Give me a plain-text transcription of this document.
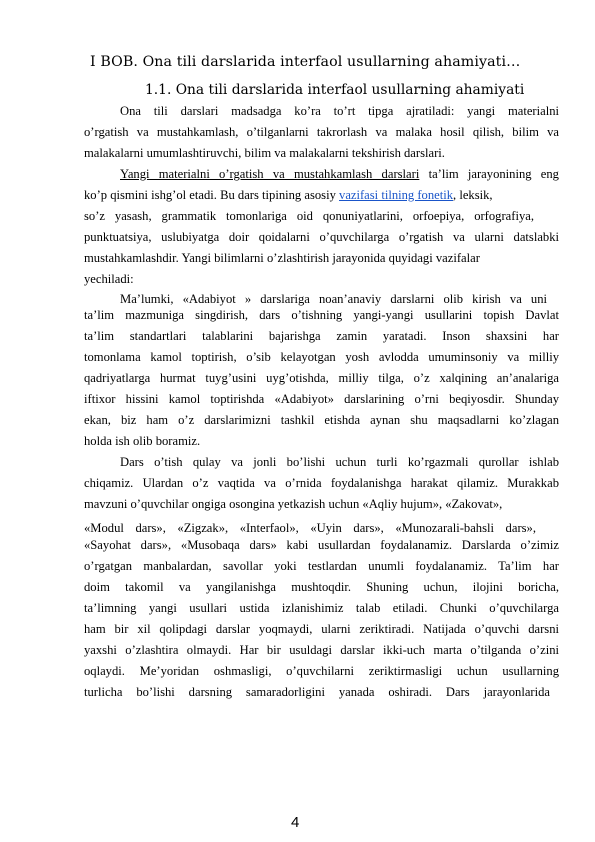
I BOB. Ona tili darslarida interfaol usullarning ahamiyati…
1.1. Ona tili darslarida interfaol usullarning ahamiyati
Ona tili darslari madsadga ko’ra to’rt tipga ajratiladi: yangi materialni
o’rgatish va mustahkamlash, o’tilganlarni takrorlash va malaka hosil qilish, bilim va
malakalarni umumlashtiruvchi, bilim va malakalarni tekshirish darslari.
Yangi materialni o’rgatish va mustahkamlash darslari ta’lim jarayonining eng
ko’p qismini ishg’ol etadi. Bu dars tipining asosiy vazifasi tilning fonetik, leksik,
so’z yasash, grammatik tomonlariga oid qonuniyatlarini, orfoepiya, orfografiya,
punktuatsiya, uslubiyatga doir qoidalarni o’quvchilarga o’rgatish va ularni datslabki
mustahkamlashdir. Yangi bilimlarni o’zlashtirish jarayonida quyidagi vazifalar
yechiladi:
Ma’lumki, «Adabiyot » darslariga noan’anaviy darslarni olib kirish va uni
ta’lim mazmuniga singdirish, dars o’tishning yangi-yangi usullarini topish Davlat
ta’lim standartlari talablarini bajarishga zamin yaratadi. Inson shaxsini har
tomonlama kamol toptirish, o’sib kelayotgan yosh avlodda umuminsoniy va milliy
qadriyatlarga hurmat tuyg’usini uyg’otishda, milliy tilga, o’z xalqining an’analariga
iftixor hissini kamol toptirishda «Adabiyot» darslarining o’rni beqiyosdir. Shunday
ekan, biz ham o’z darslarimizni tashkil etishda aynan shu maqsadlarni ko’zlagan
holda ish olib boramiz.
Dars o’tish qulay va jonli bo’lishi uchun turli ko’rgazmali qurollar ishlab
chiqamiz. Ulardan o’z vaqtida va o’rnida foydalanishga harakat qilamiz. Murakkab
mavzuni o’quvchilar ongiga osongina yetkazish uchun «Aqliy hujum», «Zakovat»,
«Modul dars», «Zigzak», «Interfaol», «Uyin dars», «Munozarali-bahsli dars»,
«Sayohat dars», «Musobaqa dars» kabi usullardan foydalanamiz. Darslarda o’zimiz
o’rgatgan manbalardan, savollar yoki testlardan unumli foydalanamiz. Ta’lim har
doim takomil va yangilanishga mushtoqdir. Shuning uchun, ilojini boricha,
ta’limning yangi usullari ustida izlanishimiz talab etiladi. Chunki o’quvchilarga
ham bir xil qolipdagi darslar yoqmaydi, ularni zeriktiradi. Natijada o’quvchi darsni
yaxshi o’zlashtira olmaydi. Har bir usuldagi darslar ikki-uch marta o’tilganda o’zini
oqlaydi. Me’yoridan oshmasligi, o’quvchilarni zeriktirmasligi uchun usullarning
turlicha bo’lishi darsning samaradorligini yanada oshiradi. Dars jarayonlarida
4
